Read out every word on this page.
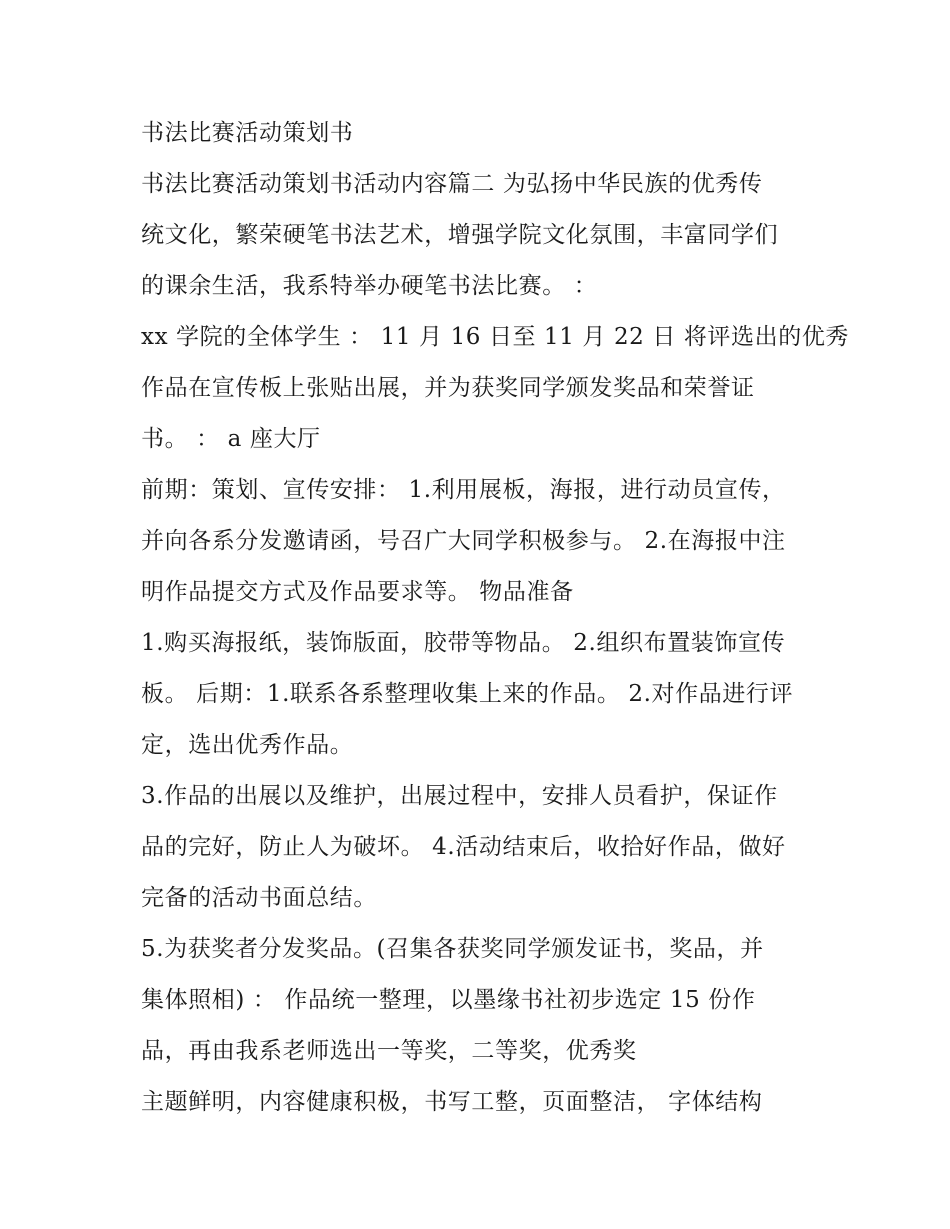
书法比赛活动策划书
书法比赛活动策划书活动内容篇二 为弘扬中华民族的优秀传
统文化，繁荣硬笔书法艺术，增强学院文化氛围，丰富同学们
的课余生活，我系特举办硬笔书法比赛。 ：
xx 学院的全体学生 ： 11 月 16 日至 11 月 22 日 将评选出的优秀
作品在宣传板上张贴出展，并为获奖同学颁发奖品和荣誉证
书。 ： a 座大厅
前期：策划、宣传安排： 1.利用展板，海报，进行动员宣传，
并向各系分发邀请函，号召广大同学积极参与。 2.在海报中注
明作品提交方式及作品要求等。 物品准备
1.购买海报纸，装饰版面，胶带等物品。 2.组织布置装饰宣传
板。 后期：1.联系各系整理收集上来的作品。 2.对作品进行评
定，选出优秀作品。
3.作品的出展以及维护，出展过程中，安排人员看护，保证作
品的完好，防止人为破坏。 4.活动结束后，收拾好作品，做好
完备的活动书面总结。
5.为获奖者分发奖品。(召集各获奖同学颁发证书，奖品，并
集体照相) ： 作品统一整理，以墨缘书社初步选定 15 份作
品，再由我系老师选出一等奖，二等奖，优秀奖
主题鲜明，内容健康积极，书写工整，页面整洁， 字体结构
